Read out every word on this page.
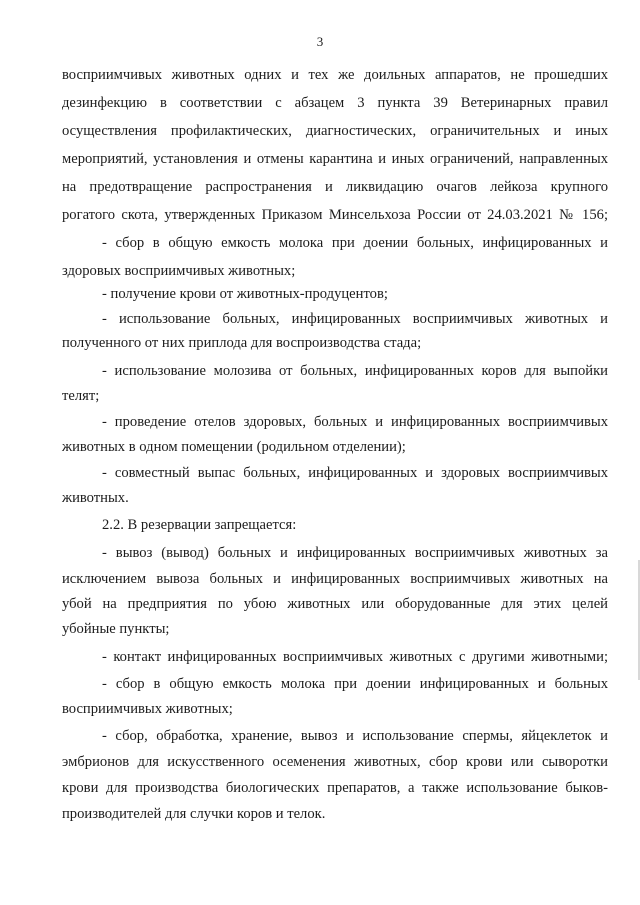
3
восприимчивых животных одних и тех же доильных аппаратов, не прошедших
дезинфекцию в соответствии с абзацем 3 пункта 39 Ветеринарных правил
осуществления профилактических, диагностических, ограничительных и иных
мероприятий, установления и отмены карантина и иных ограничений, направленных
на предотвращение распространения и ликвидацию очагов лейкоза крупного
рогатого скота, утвержденных Приказом Минсельхоза России от 24.03.2021 № 156;
- сбор в общую емкость молока при доении больных, инфицированных и
здоровых восприимчивых животных;
- получение крови от животных-продуцентов;
- использование больных, инфицированных восприимчивых животных и
полученного от них приплода для воспроизводства стада;
- использование молозива от больных, инфицированных коров для выпойки
телят;
- проведение отелов здоровых, больных и инфицированных восприимчивых
животных в одном помещении (родильном отделении);
- совместный выпас больных, инфицированных и здоровых восприимчивых
животных.
2.2. В резервации запрещается:
- вывоз (вывод) больных и инфицированных восприимчивых животных за
исключением вывоза больных и инфицированных восприимчивых животных на
убой на предприятия по убою животных или оборудованные для этих целей
убойные пункты;
- контакт инфицированных восприимчивых животных с другими животными;
- сбор в общую емкость молока при доении инфицированных и больных
восприимчивых животных;
- сбор, обработка, хранение, вывоз и использование спермы, яйцеклеток и
эмбрионов для искусственного осеменения животных, сбор крови или сыворотки
крови для производства биологических препаратов, а также использование быков-
производителей для случки коров и телок.
